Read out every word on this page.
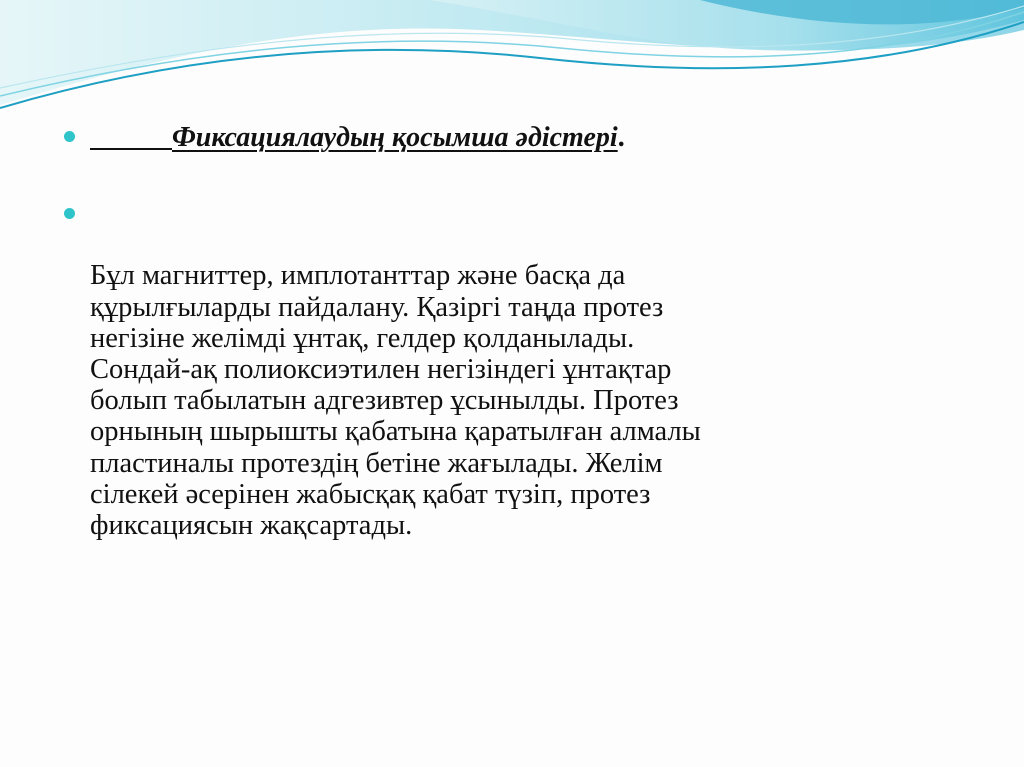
Фиксациялаудың қосымша әдістері.

Бұл магниттер, имплотанттар және басқа да
құрылғыларды пайдалану. Қазіргі таңда протез
негізіне желімді ұнтақ, гелдер қолданылады.
Сондай-ақ полиоксиэтилен негізіндегі ұнтақтар
болып табылатын адгезивтер ұсынылды. Протез
орнының шырышты қабатына қаратылған алмалы
пластиналы протездің бетіне жағылады. Желім
сілекей әсерінен жабысқақ қабат түзіп, протез
фиксациясын жақсартады.
